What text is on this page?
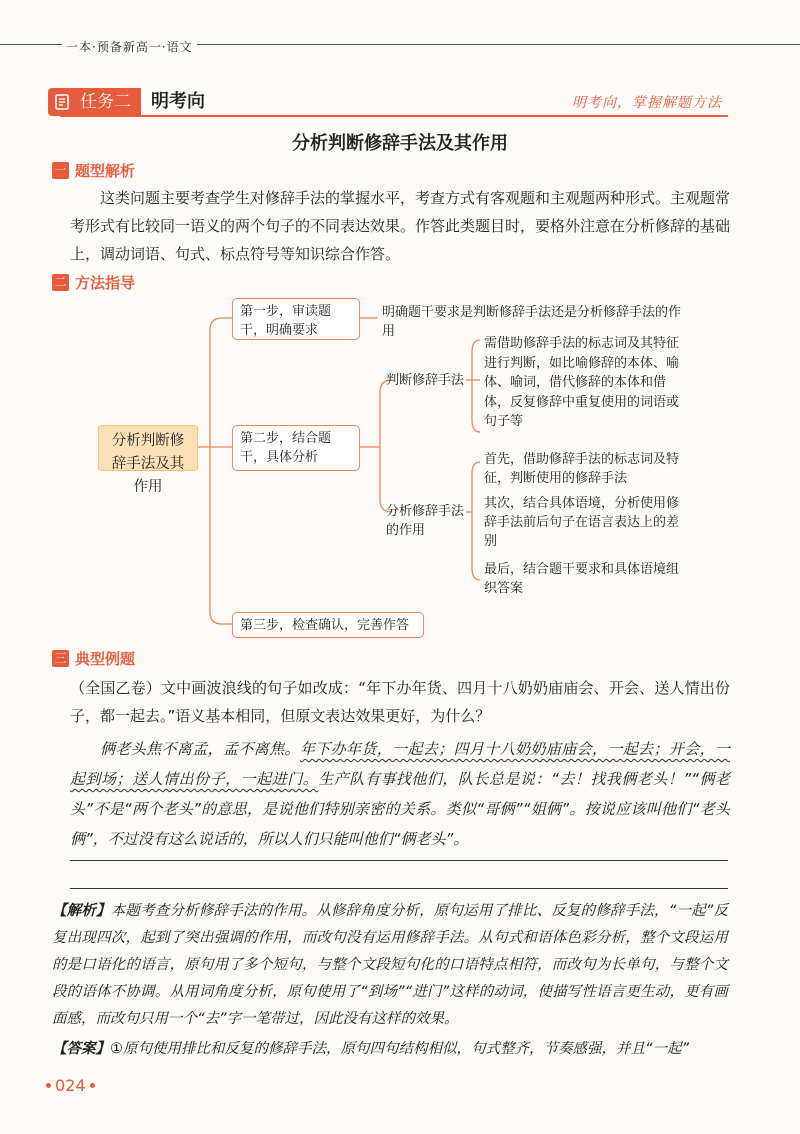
一本·预备新高一·语文
任务二	明考向	明考向，掌握解题方法
分析判断修辞手法及其作用
一 题型解析
这类问题主要考查学生对修辞手法的掌握水平，考查方式有客观题和主观题两种形式。主观题常考形式有比较同一语义的两个句子的不同表达效果。作答此类题目时，要格外注意在分析修辞的基础上，调动词语、句式、标点符号等知识综合作答。
二 方法指导
分析判断修辞手法及其作用
第一步，审读题干，明确要求
明确题干要求是判断修辞手法还是分析修辞手法的作用
第二步，结合题干，具体分析
判断修辞手法
需借助修辞手法的标志词及其特征进行判断，如比喻修辞的本体、喻体、喻词，借代修辞的本体和借体，反复修辞中重复使用的词语或句子等
分析修辞手法的作用
首先，借助修辞手法的标志词及特征，判断使用的修辞手法
其次，结合具体语境，分析使用修辞手法前后句子在语言表达上的差别
最后，结合题干要求和具体语境组织答案
第三步，检查确认，完善作答
三 典型例题
（全国乙卷）文中画波浪线的句子如改成：“年下办年货、四月十八奶奶庙庙会、开会、送人情出份子，都一起去。”语义基本相同，但原文表达效果更好，为什么？
俩老头焦不离孟，孟不离焦。年下办年货，一起去；四月十八奶奶庙庙会，一起去；开会，一起到场；送人情出份子，一起进门。生产队有事找他们，队长总是说：“去！找我俩老头！”“俩老头”不是“两个老头”的意思，是说他们特别亲密的关系。类似“哥俩”“姐俩”。按说应该叫他们“老头俩”，不过没有这么说话的，所以人们只能叫他们“俩老头”。
【解析】本题考查分析修辞手法的作用。从修辞角度分析，原句运用了排比、反复的修辞手法，“一起”反复出现四次，起到了突出强调的作用，而改句没有运用修辞手法。从句式和语体色彩分析，整个文段运用的是口语化的语言，原句用了多个短句，与整个文段短句化的口语特点相符，而改句为长单句，与整个文段的语体不协调。从用词角度分析，原句使用了“到场”“进门”这样的动词，使描写性语言更生动，更有画面感，而改句只用一个“去”字一笔带过，因此没有这样的效果。
【答案】①原句使用排比和反复的修辞手法，原句四句结构相似，句式整齐，节奏感强，并且“一起”
024
